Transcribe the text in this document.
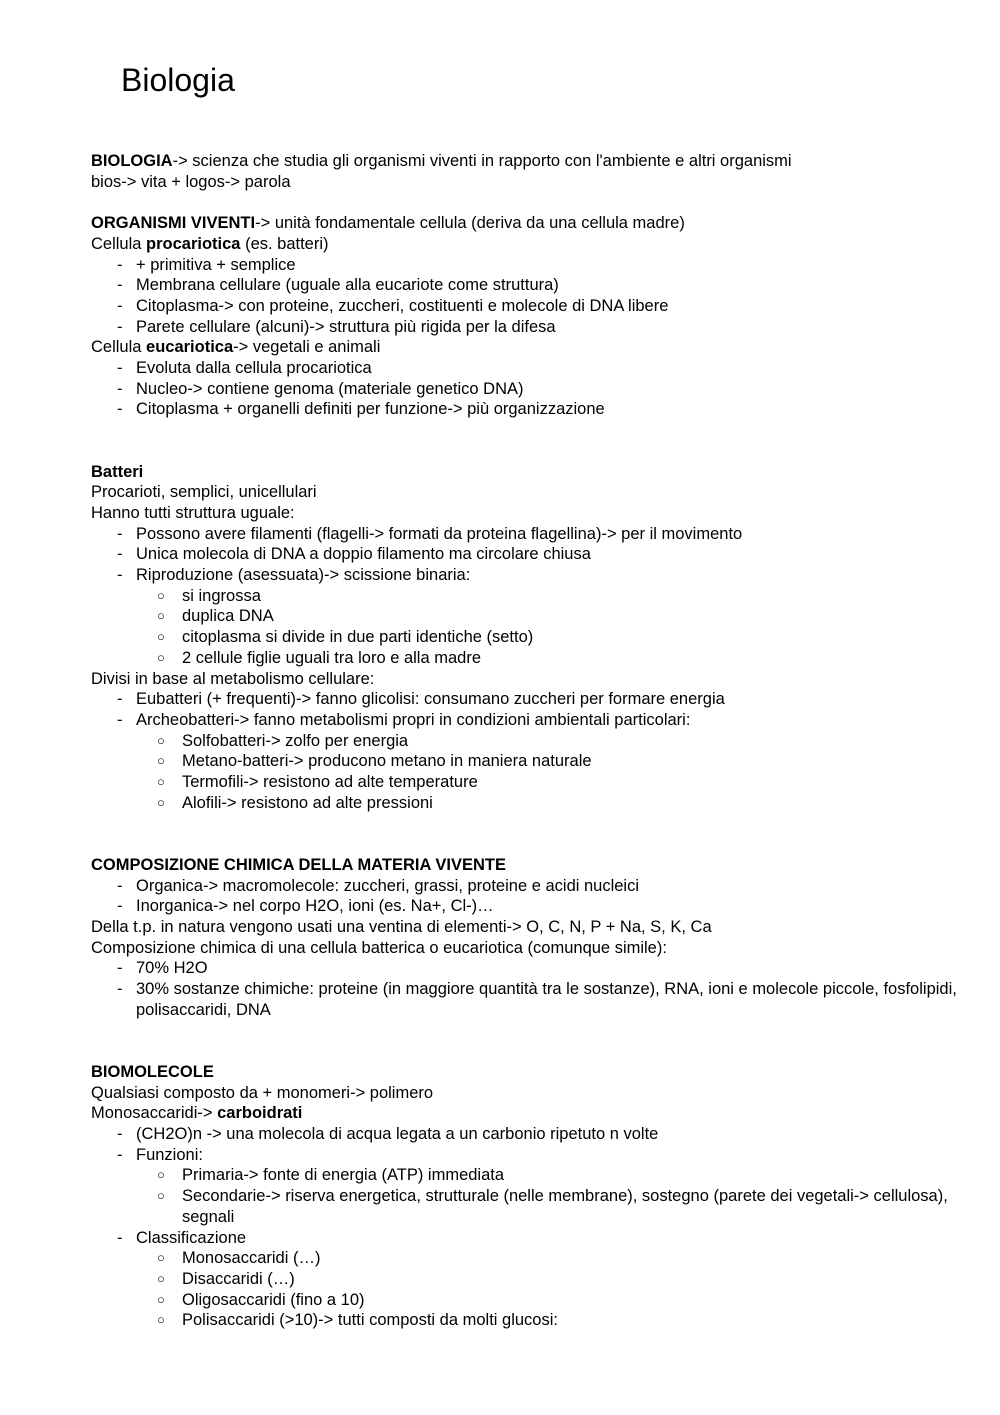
Biologia
BIOLOGIA-> scienza che studia gli organismi viventi in rapporto con l'ambiente e altri organismi
bios-> vita + logos-> parola
ORGANISMI VIVENTI-> unità fondamentale cellula (deriva da una cellula madre)
Cellula procariotica (es. batteri)
- + primitiva + semplice
- Membrana cellulare (uguale alla eucariote come struttura)
- Citoplasma-> con proteine, zuccheri, costituenti e molecole di DNA libere
- Parete cellulare (alcuni)-> struttura più rigida per la difesa
Cellula eucariotica-> vegetali e animali
- Evoluta dalla cellula procariotica
- Nucleo-> contiene genoma (materiale genetico DNA)
- Citoplasma + organelli definiti per funzione-> più organizzazione
Batteri
Procarioti, semplici, unicellulari
Hanno tutti struttura uguale:
- Possono avere filamenti (flagelli-> formati da proteina flagellina)-> per il movimento
- Unica molecola di DNA a doppio filamento ma circolare chiusa
- Riproduzione (asessuata)-> scissione binaria:
○ si ingrossa
○ duplica DNA
○ citoplasma si divide in due parti identiche (setto)
○ 2 cellule figlie uguali tra loro e alla madre
Divisi in base al metabolismo cellulare:
- Eubatteri (+ frequenti)-> fanno glicolisi: consumano zuccheri per formare energia
- Archeobatteri-> fanno metabolismi propri in condizioni ambientali particolari:
○ Solfobatteri-> zolfo per energia
○ Metano-batteri-> producono metano in maniera naturale
○ Termofili-> resistono ad alte temperature
○ Alofili-> resistono ad alte pressioni
COMPOSIZIONE CHIMICA DELLA MATERIA VIVENTE
- Organica-> macromolecole: zuccheri, grassi, proteine e acidi nucleici
- Inorganica-> nel corpo H2O, ioni (es. Na+, Cl-)…
Della t.p. in natura vengono usati una ventina di elementi-> O, C, N, P + Na, S, K, Ca
Composizione chimica di una cellula batterica o eucariotica (comunque simile):
- 70% H2O
- 30% sostanze chimiche: proteine (in maggiore quantità tra le sostanze), RNA, ioni e molecole piccole, fosfolipidi, polisaccaridi, DNA
BIOMOLECOLE
Qualsiasi composto da + monomeri-> polimero
Monosaccaridi-> carboidrati
- (CH2O)n -> una molecola di acqua legata a un carbonio ripetuto n volte
- Funzioni:
○ Primaria-> fonte di energia (ATP) immediata
○ Secondarie-> riserva energetica, strutturale (nelle membrane), sostegno (parete dei vegetali-> cellulosa), segnali
- Classificazione
○ Monosaccaridi (…)
○ Disaccaridi (…)
○ Oligosaccaridi (fino a 10)
○ Polisaccaridi (>10)-> tutti composti da molti glucosi:
